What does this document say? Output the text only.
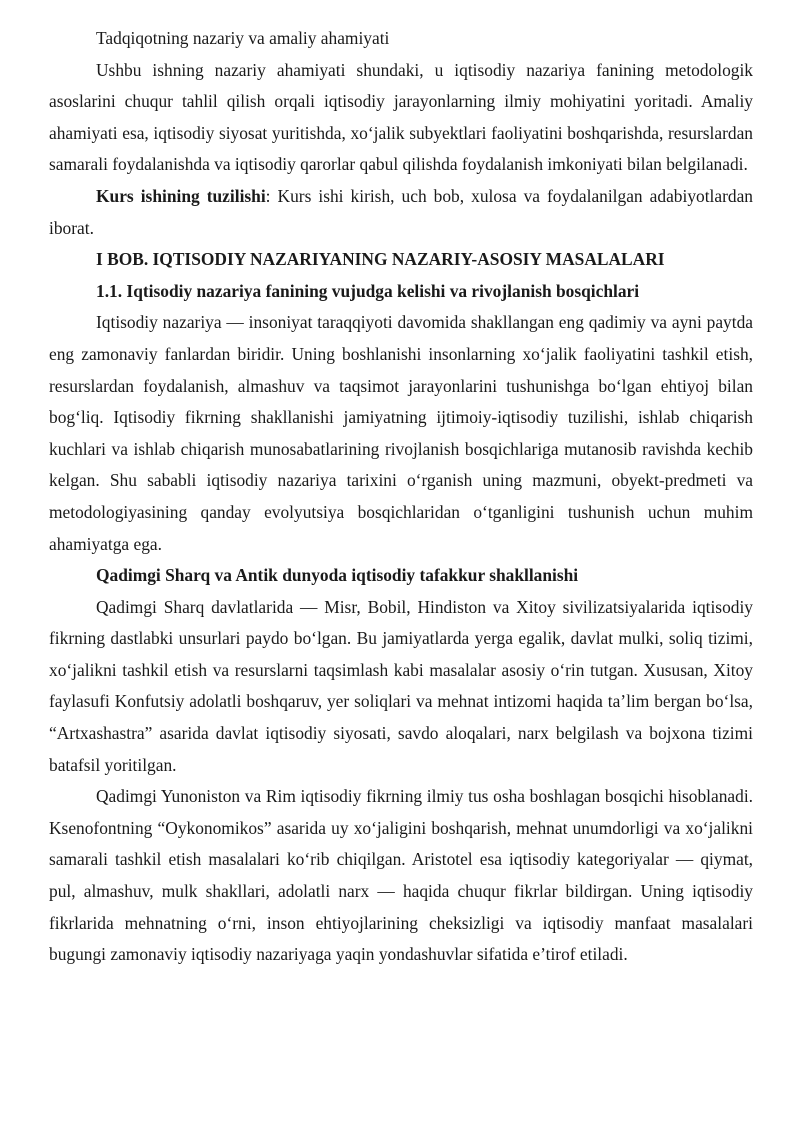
Tadqiqotning nazariy va amaliy ahamiyati

Ushbu ishning nazariy ahamiyati shundaki, u iqtisodiy nazariya fanining metodologik asoslarini chuqur tahlil qilish orqali iqtisodiy jarayonlarning ilmiy mohiyatini yoritadi. Amaliy ahamiyati esa, iqtisodiy siyosat yuritishda, xo‘jalik subyektlari faoliyatini boshqarishda, resurslardan samarali foydalanishda va iqtisodiy qarorlar qabul qilishda foydalanish imkoniyati bilan belgilanadi.

Kurs ishining tuzilishi: Kurs ishi kirish, uch bob, xulosa va foydalanilgan adabiyotlardan iborat.

I BOB. IQTISODIY NAZARIYANING NAZARIY-ASOSIY MASALALARI

1.1. Iqtisodiy nazariya fanining vujudga kelishi va rivojlanish bosqichlari

Iqtisodiy nazariya — insoniyat taraqqiyoti davomida shakllangan eng qadimiy va ayni paytda eng zamonaviy fanlardan biridir. Uning boshlanishi insonlarning xo‘jalik faoliyatini tashkil etish, resurslardan foydalanish, almashuv va taqsimot jarayonlarini tushunishga bo‘lgan ehtiyoj bilan bog‘liq. Iqtisodiy fikrning shakllanishi jamiyatning ijtimoiy-iqtisodiy tuzilishi, ishlab chiqarish kuchlari va ishlab chiqarish munosabatlarining rivojlanish bosqichlariga mutanosib ravishda kechib kelgan. Shu sababli iqtisodiy nazariya tarixini o‘rganish uning mazmuni, obyekt-predmeti va metodologiyasining qanday evolyutsiya bosqichlaridan o‘tganligini tushunish uchun muhim ahamiyatga ega.

Qadimgi Sharq va Antik dunyoda iqtisodiy tafakkur shakllanishi

Qadimgi Sharq davlatlarida — Misr, Bobil, Hindiston va Xitoy sivilizatsiyalarida iqtisodiy fikrning dastlabki unsurlari paydo bo‘lgan. Bu jamiyatlarda yerga egalik, davlat mulki, soliq tizimi, xo‘jalikni tashkil etish va resurslarni taqsimlash kabi masalalar asosiy o‘rin tutgan. Xususan, Xitoy faylasufi Konfutsiy adolatli boshqaruv, yer soliqlari va mehnat intizomi haqida ta’lim bergan bo‘lsa, “Artxashastra” asarida davlat iqtisodiy siyosati, savdo aloqalari, narx belgilash va bojxona tizimi batafsil yoritilgan.

Qadimgi Yunoniston va Rim iqtisodiy fikrning ilmiy tus osha boshlagan bosqichi hisoblanadi. Ksenofontning “Oykonomikos” asarida uy xo‘jaligini boshqarish, mehnat unumdorligi va xo‘jalikni samarali tashkil etish masalalari ko‘rib chiqilgan. Aristotel esa iqtisodiy kategoriyalar — qiymat, pul, almashuv, mulk shakllari, adolatli narx — haqida chuqur fikrlar bildirgan. Uning iqtisodiy fikrlarida mehnatning o‘rni, inson ehtiyojlarining cheksizligi va iqtisodiy manfaat masalalari bugungi zamonaviy iqtisodiy nazariyaga yaqin yondashuvlar sifatida e’tirof etiladi.
